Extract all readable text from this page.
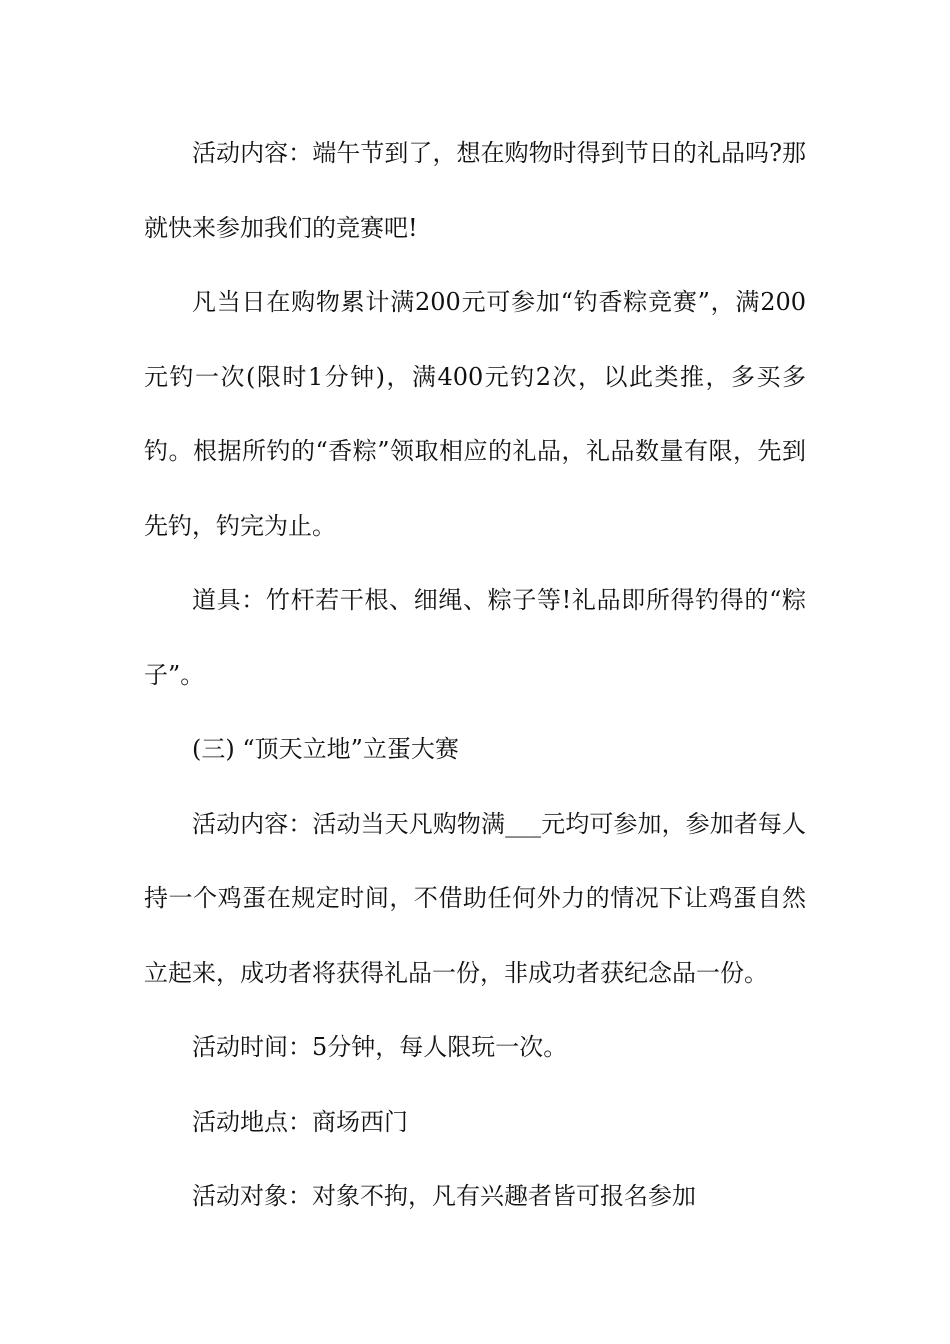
活动内容：端午节到了，想在购物时得到节日的礼品吗?那就快来参加我们的竞赛吧!

凡当日在购物累计满200元可参加“钓香粽竞赛”，满200元钓一次(限时1分钟)，满400元钓2次，以此类推，多买多钓。根据所钓的“香粽”领取相应的礼品，礼品数量有限，先到先钓，钓完为止。

道具：竹杆若干根、细绳、粽子等!礼品即所得钓得的“粽子”。

(三) “顶天立地”立蛋大赛

活动内容：活动当天凡购物满___元均可参加，参加者每人持一个鸡蛋在规定时间，不借助任何外力的情况下让鸡蛋自然立起来，成功者将获得礼品一份，非成功者获纪念品一份。

活动时间：5分钟，每人限玩一次。

活动地点：商场西门

活动对象：对象不拘，凡有兴趣者皆可报名参加
